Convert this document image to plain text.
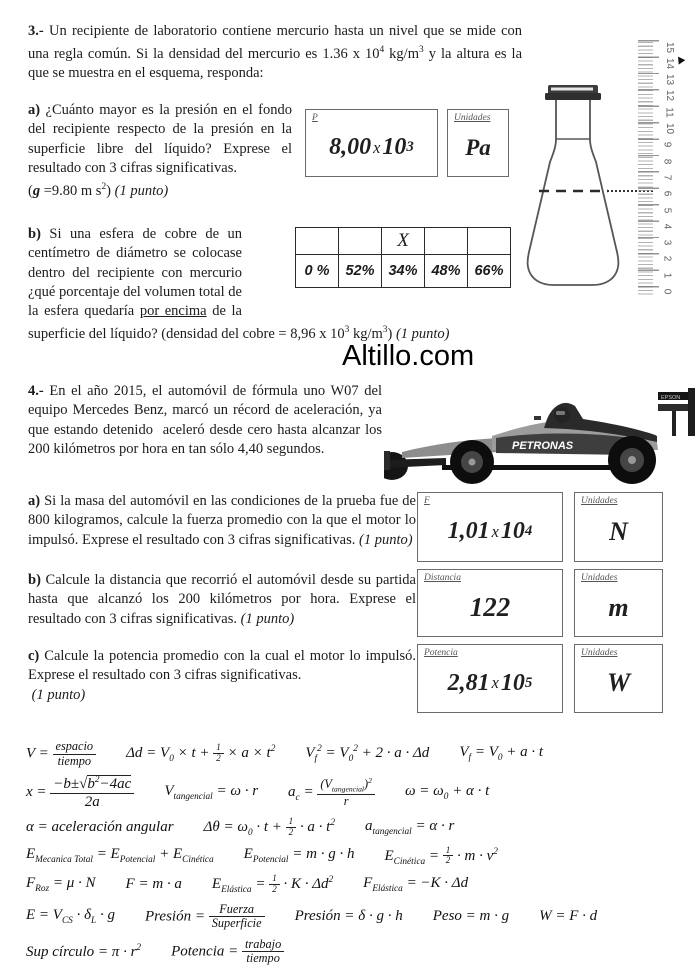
3.- Un recipiente de laboratorio contiene mercurio hasta un nivel que se mide con una regla común. Si la densidad del mercurio es 1.36 x $10^4$ $kg/m^3$ y la altura es la que se muestra en el esquema, responda:
a) ¿Cuánto mayor es la presión en el fondo del recipiente respecto de la presión en la superficie libre del líquido? Exprese el resultado con 3 cifras significativas.
(g =9.80 m $s^2$) (1 punto)
P
8,00 x 10 3
Unidades
Pa
b) Si una esfera de cobre de un centímetro de diámetro se colocase dentro del recipiente con mercurio ¿qué porcentaje del volumen total de la esfera quedaría por encima de la superficie del líquido? (densidad del cobre = 8,96 x $10^3$ $kg/m^3$) (1 punto)
		X		
0 %	52%	34%	48%	66%
0
1
2
3
4
5
6
7
8
9
10
11
12
13
14
15
Altillo.com
4.- En el año 2015, el automóvil de fórmula uno W07 del equipo Mercedes Benz, marcó un récord de aceleración, ya que estando detenido  aceleró desde cero hasta alcanzar los 200 kilómetros por hora en tan sólo 4,40 segundos.	PETRONAS
EPSON
a) Si la masa del automóvil en las condiciones de la prueba fue de 800 kilogramos, calcule la fuerza promedio con la que el motor lo impulsó. Exprese el resultado con 3 cifras significativas. (1 punto)
F
1,01 x 10 4
Unidades
N
b) Calcule la distancia que recorrió el automóvil desde su partida hasta que alcanzó los 200 kilómetros por hora. Exprese el resultado con 3 cifras significativas. (1 punto)
Distancia
122
Unidades
m
c) Calcule la potencia promedio con la cual el motor lo impulsó. Exprese el resultado con 3 cifras significativas.
(1 punto)
Potencia
2,81 x 10 5
Unidades
W
V = espacio
tiempo	$\Delta d = V_0 \times t + \frac{1}{2} \times a \times t^2$ $V_f^2 = V_0^2 + 2 \cdot a \cdot \Delta d$ $V_f = V_0 + a \cdot t$
$x = \frac{-b\pm√b^2-4ac}{2a} V_{tangencial} = \omega \cdot r$ $a_c$ =
$(V_{tangencial})^2$
r
$\omega = \omega_0 + \alpha \cdot t$
α = aceleración angular $\Delta\theta = \omega_0 \cdot t + \frac{1}{2} \cdot a \cdot t^2$ $a_{tangencial} = \alpha \cdot r$
$E_{Mecanica Total} = E_{Potencial} + E_{Cinética}$ $E_{Potencial} = m \cdot g \cdot h$ $E_{Cinética} = \frac{1}{2} \cdot m \cdot v^2$
$F_{Roz} = \mu \cdot N$ F = m · a $E_{Elástica} = \frac{1}{2} \cdot K \cdot \Delta d^2$ $F_{Elástica} = -K \cdot \Delta d$
$E = V_{CS} \cdot \delta_L \cdot g$ Presión = Fuerza
Superficie Presión = δ · g · h Peso = m · g W = F · d
Sup círculo = $\pi \cdot r^2$ Potencia = trabajo
tiempo
